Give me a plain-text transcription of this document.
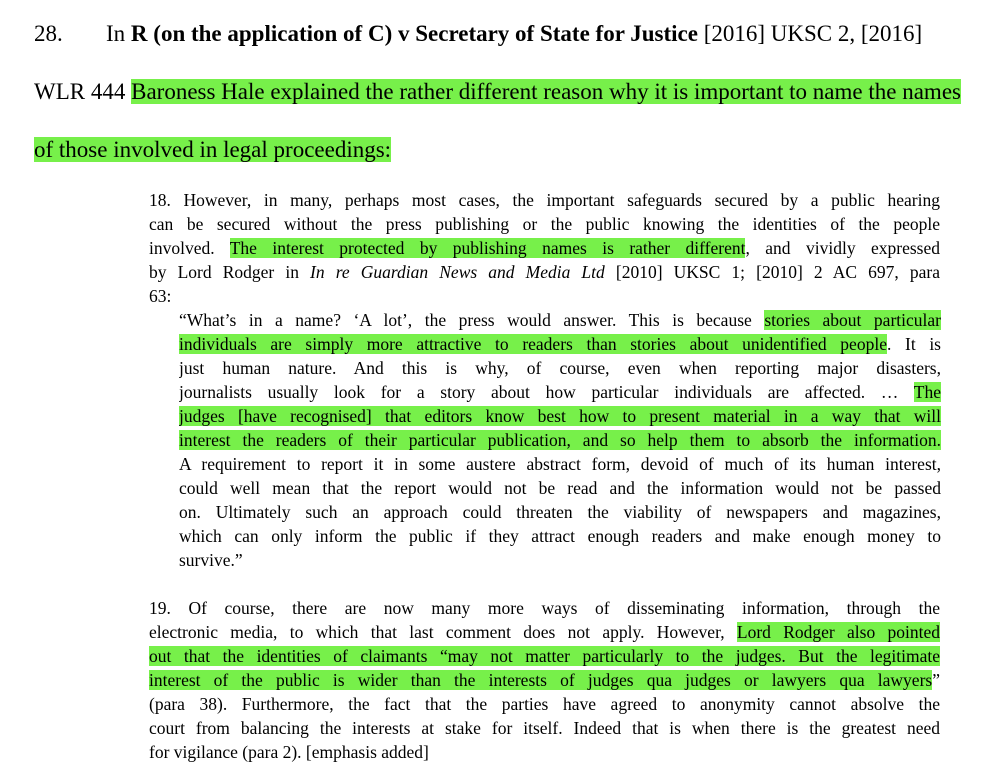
28. In R (on the application of C) v Secretary of State for Justice [2016] UKSC 2, [2016]
WLR 444 Baroness Hale explained the rather different reason why it is important to name the names
of those involved in legal proceedings:
18. However, in many, perhaps most cases, the important safeguards secured by a public hearing
can be secured without the press publishing or the public knowing the identities of the people
involved. The interest protected by publishing names is rather different, and vividly expressed
by Lord Rodger in In re Guardian News and Media Ltd [2010] UKSC 1; [2010] 2 AC 697, para
63:
“What’s in a name? ‘A lot’, the press would answer. This is because stories about particular
individuals are simply more attractive to readers than stories about unidentified people. It is
just human nature. And this is why, of course, even when reporting major disasters,
journalists usually look for a story about how particular individuals are affected. … The
judges [have recognised] that editors know best how to present material in a way that will
interest the readers of their particular publication, and so help them to absorb the information.
A requirement to report it in some austere abstract form, devoid of much of its human interest,
could well mean that the report would not be read and the information would not be passed
on. Ultimately such an approach could threaten the viability of newspapers and magazines,
which can only inform the public if they attract enough readers and make enough money to
survive.”
19. Of course, there are now many more ways of disseminating information, through the
electronic media, to which that last comment does not apply. However, Lord Rodger also pointed
out that the identities of claimants “may not matter particularly to the judges. But the legitimate
interest of the public is wider than the interests of judges qua judges or lawyers qua lawyers”
(para 38). Furthermore, the fact that the parties have agreed to anonymity cannot absolve the
court from balancing the interests at stake for itself. Indeed that is when there is the greatest need
for vigilance (para 2). [emphasis added]
